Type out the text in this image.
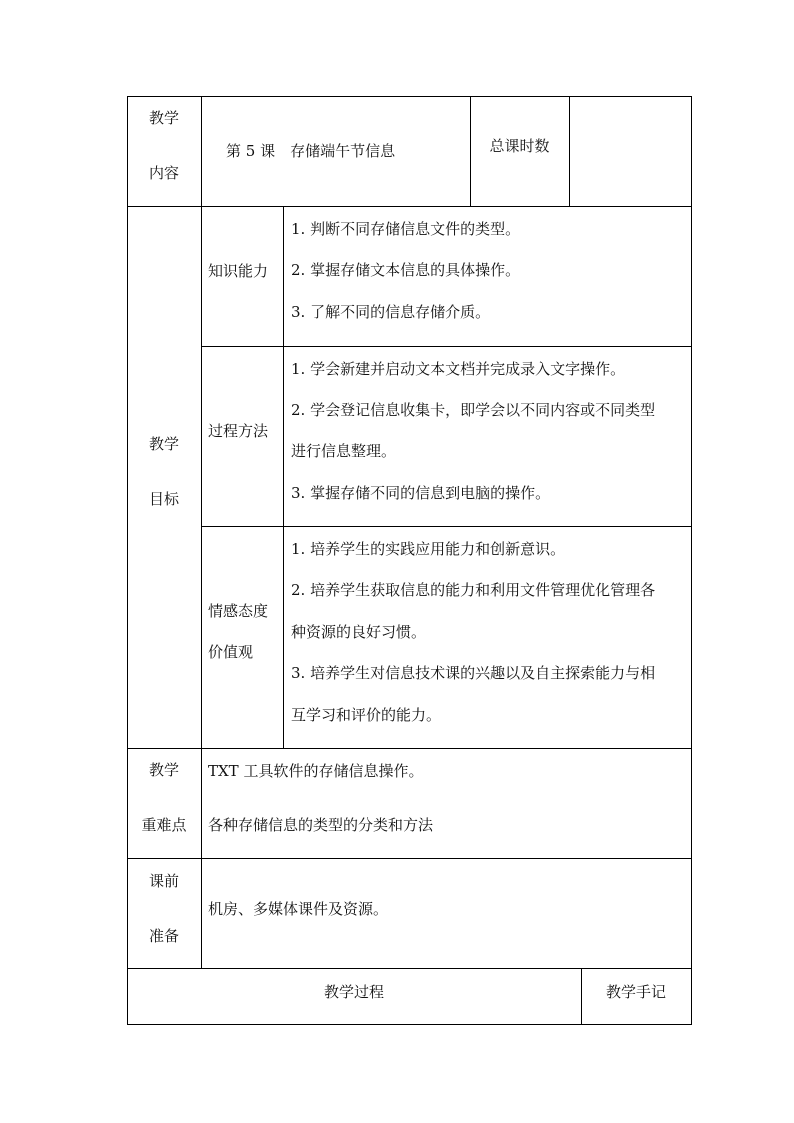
教学
内容
第 5 课　存储端午节信息	总课时数
教学
目标
知识能力
1. 判断不同存储信息文件的类型。
2. 掌握存储文本信息的具体操作。
3. 了解不同的信息存储介质。
过程方法
1. 学会新建并启动文本文档并完成录入文字操作。
2. 学会登记信息收集卡，即学会以不同内容或不同类型
进行信息整理。
3. 掌握存储不同的信息到电脑的操作。
情感态度
价值观
1. 培养学生的实践应用能力和创新意识。
2. 培养学生获取信息的能力和利用文件管理优化管理各
种资源的良好习惯。
3. 培养学生对信息技术课的兴趣以及自主探索能力与相
互学习和评价的能力。
教学
重难点
TXT 工具软件的存储信息操作。
各种存储信息的类型的分类和方法
课前
准备
机房、多媒体课件及资源。
教学过程	教学手记
